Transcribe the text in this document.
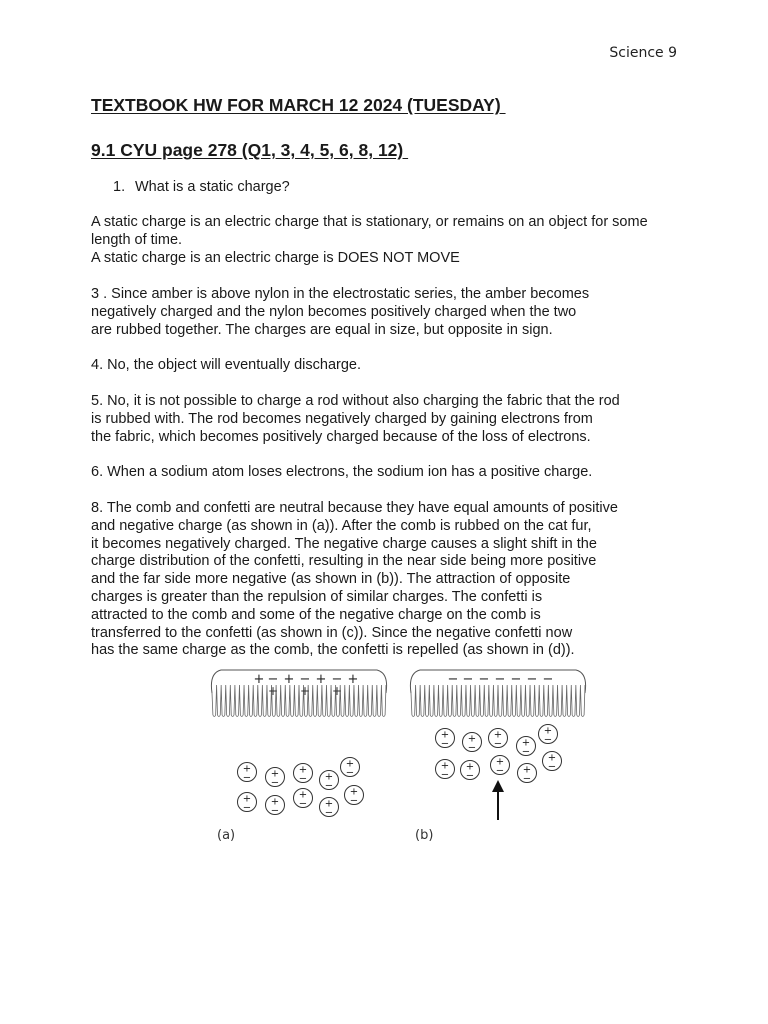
Science 9
TEXTBOOK HW FOR MARCH 12 2024 (TUESDAY)
9.1 CYU page 278 (Q1, 3, 4, 5, 6, 8, 12)
1. What is a static charge?
A static charge is an electric charge that is stationary, or remains on an object for some
length of time.
A static charge is an electric charge is DOES NOT MOVE
3 . Since amber is above nylon in the electrostatic series, the amber becomes
negatively charged and the nylon becomes positively charged when the two
are rubbed together. The charges are equal in size, but opposite in sign.
4. No, the object will eventually discharge.
5. No, it is not possible to charge a rod without also charging the fabric that the rod
is rubbed with. The rod becomes negatively charged by gaining electrons from
the fabric, which becomes positively charged because of the loss of electrons.
6. When a sodium atom loses electrons, the sodium ion has a positive charge.
8. The comb and confetti are neutral because they have equal amounts of positive
and negative charge (as shown in (a)). After the comb is rubbed on the cat fur,
it becomes negatively charged. The negative charge causes a slight shift in the
charge distribution of the confetti, resulting in the near side being more positive
and the far side more negative (as shown in (b)). The attraction of opposite
charges is greater than the repulsion of similar charges. The confetti is
attracted to the comb and some of the negative charge on the comb is
transferred to the confetti (as shown in (c)). Since the negative confetti now
has the same charge as the comb, the confetti is repelled (as shown in (d)).
+ − + − + − +
+ + +
− − − − − − −
+
− +
−
+
− +
−
+
−
+
−
+
−
+
− +
−
+
−
+
− +
−
+
− +
−
+
−
+
−
+
−
+
− +
−
+
−
(a)	(b)
